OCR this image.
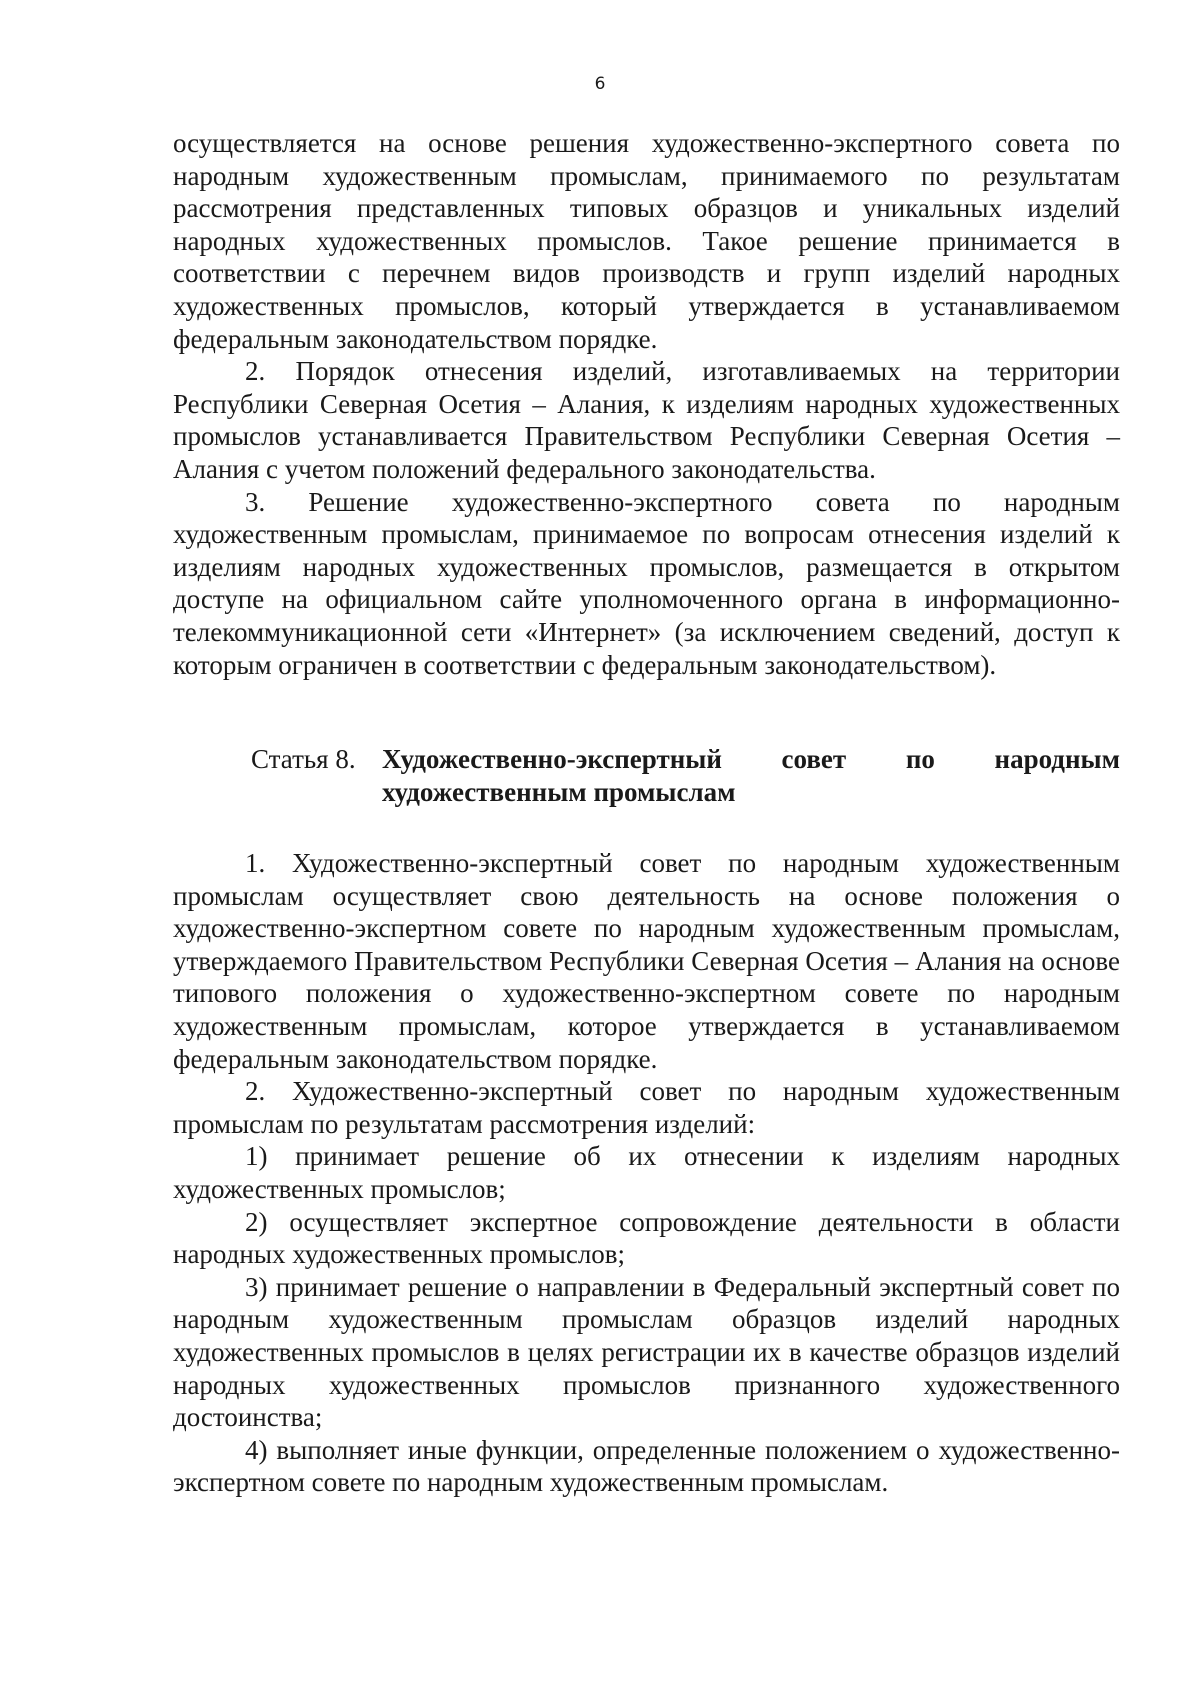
6

осуществляется на основе решения художественно-экспертного совета по народным художественным промыслам, принимаемого по результатам рассмотрения представленных типовых образцов и уникальных изделий народных художественных промыслов. Такое решение принимается в соответствии с перечнем видов производств и групп изделий народных художественных промыслов, который утверждается в устанавливаемом федеральным законодательством порядке.

2. Порядок отнесения изделий, изготавливаемых на территории Республики Северная Осетия – Алания, к изделиям народных художественных промыслов устанавливается Правительством Республики Северная Осетия – Алания с учетом положений федерального законодательства.

3. Решение художественно-экспертного совета по народным художественным промыслам, принимаемое по вопросам отнесения изделий к изделиям народных художественных промыслов, размещается в открытом доступе на официальном сайте уполномоченного органа в информационно-телекоммуникационной сети «Интернет» (за исключением сведений, доступ к которым ограничен в соответствии с федеральным законодательством).

Статья 8. Художественно-экспертный совет по народным
художественным промыслам

1. Художественно-экспертный совет по народным художественным промыслам осуществляет свою деятельность на основе положения о художественно-экспертном совете по народным художественным промыслам, утверждаемого Правительством Республики Северная Осетия – Алания на основе типового положения о художественно-экспертном совете по народным художественным промыслам, которое утверждается в устанавливаемом федеральным законодательством порядке.

2. Художественно-экспертный совет по народным художественным промыслам по результатам рассмотрения изделий:

1) принимает решение об их отнесении к изделиям народных художественных промыслов;

2) осуществляет экспертное сопровождение деятельности в области народных художественных промыслов;

3) принимает решение о направлении в Федеральный экспертный совет по народным художественным промыслам образцов изделий народных художественных промыслов в целях регистрации их в качестве образцов изделий народных художественных промыслов признанного художественного достоинства;

4) выполняет иные функции, определенные положением о художественно-экспертном совете по народным художественным промыслам.
